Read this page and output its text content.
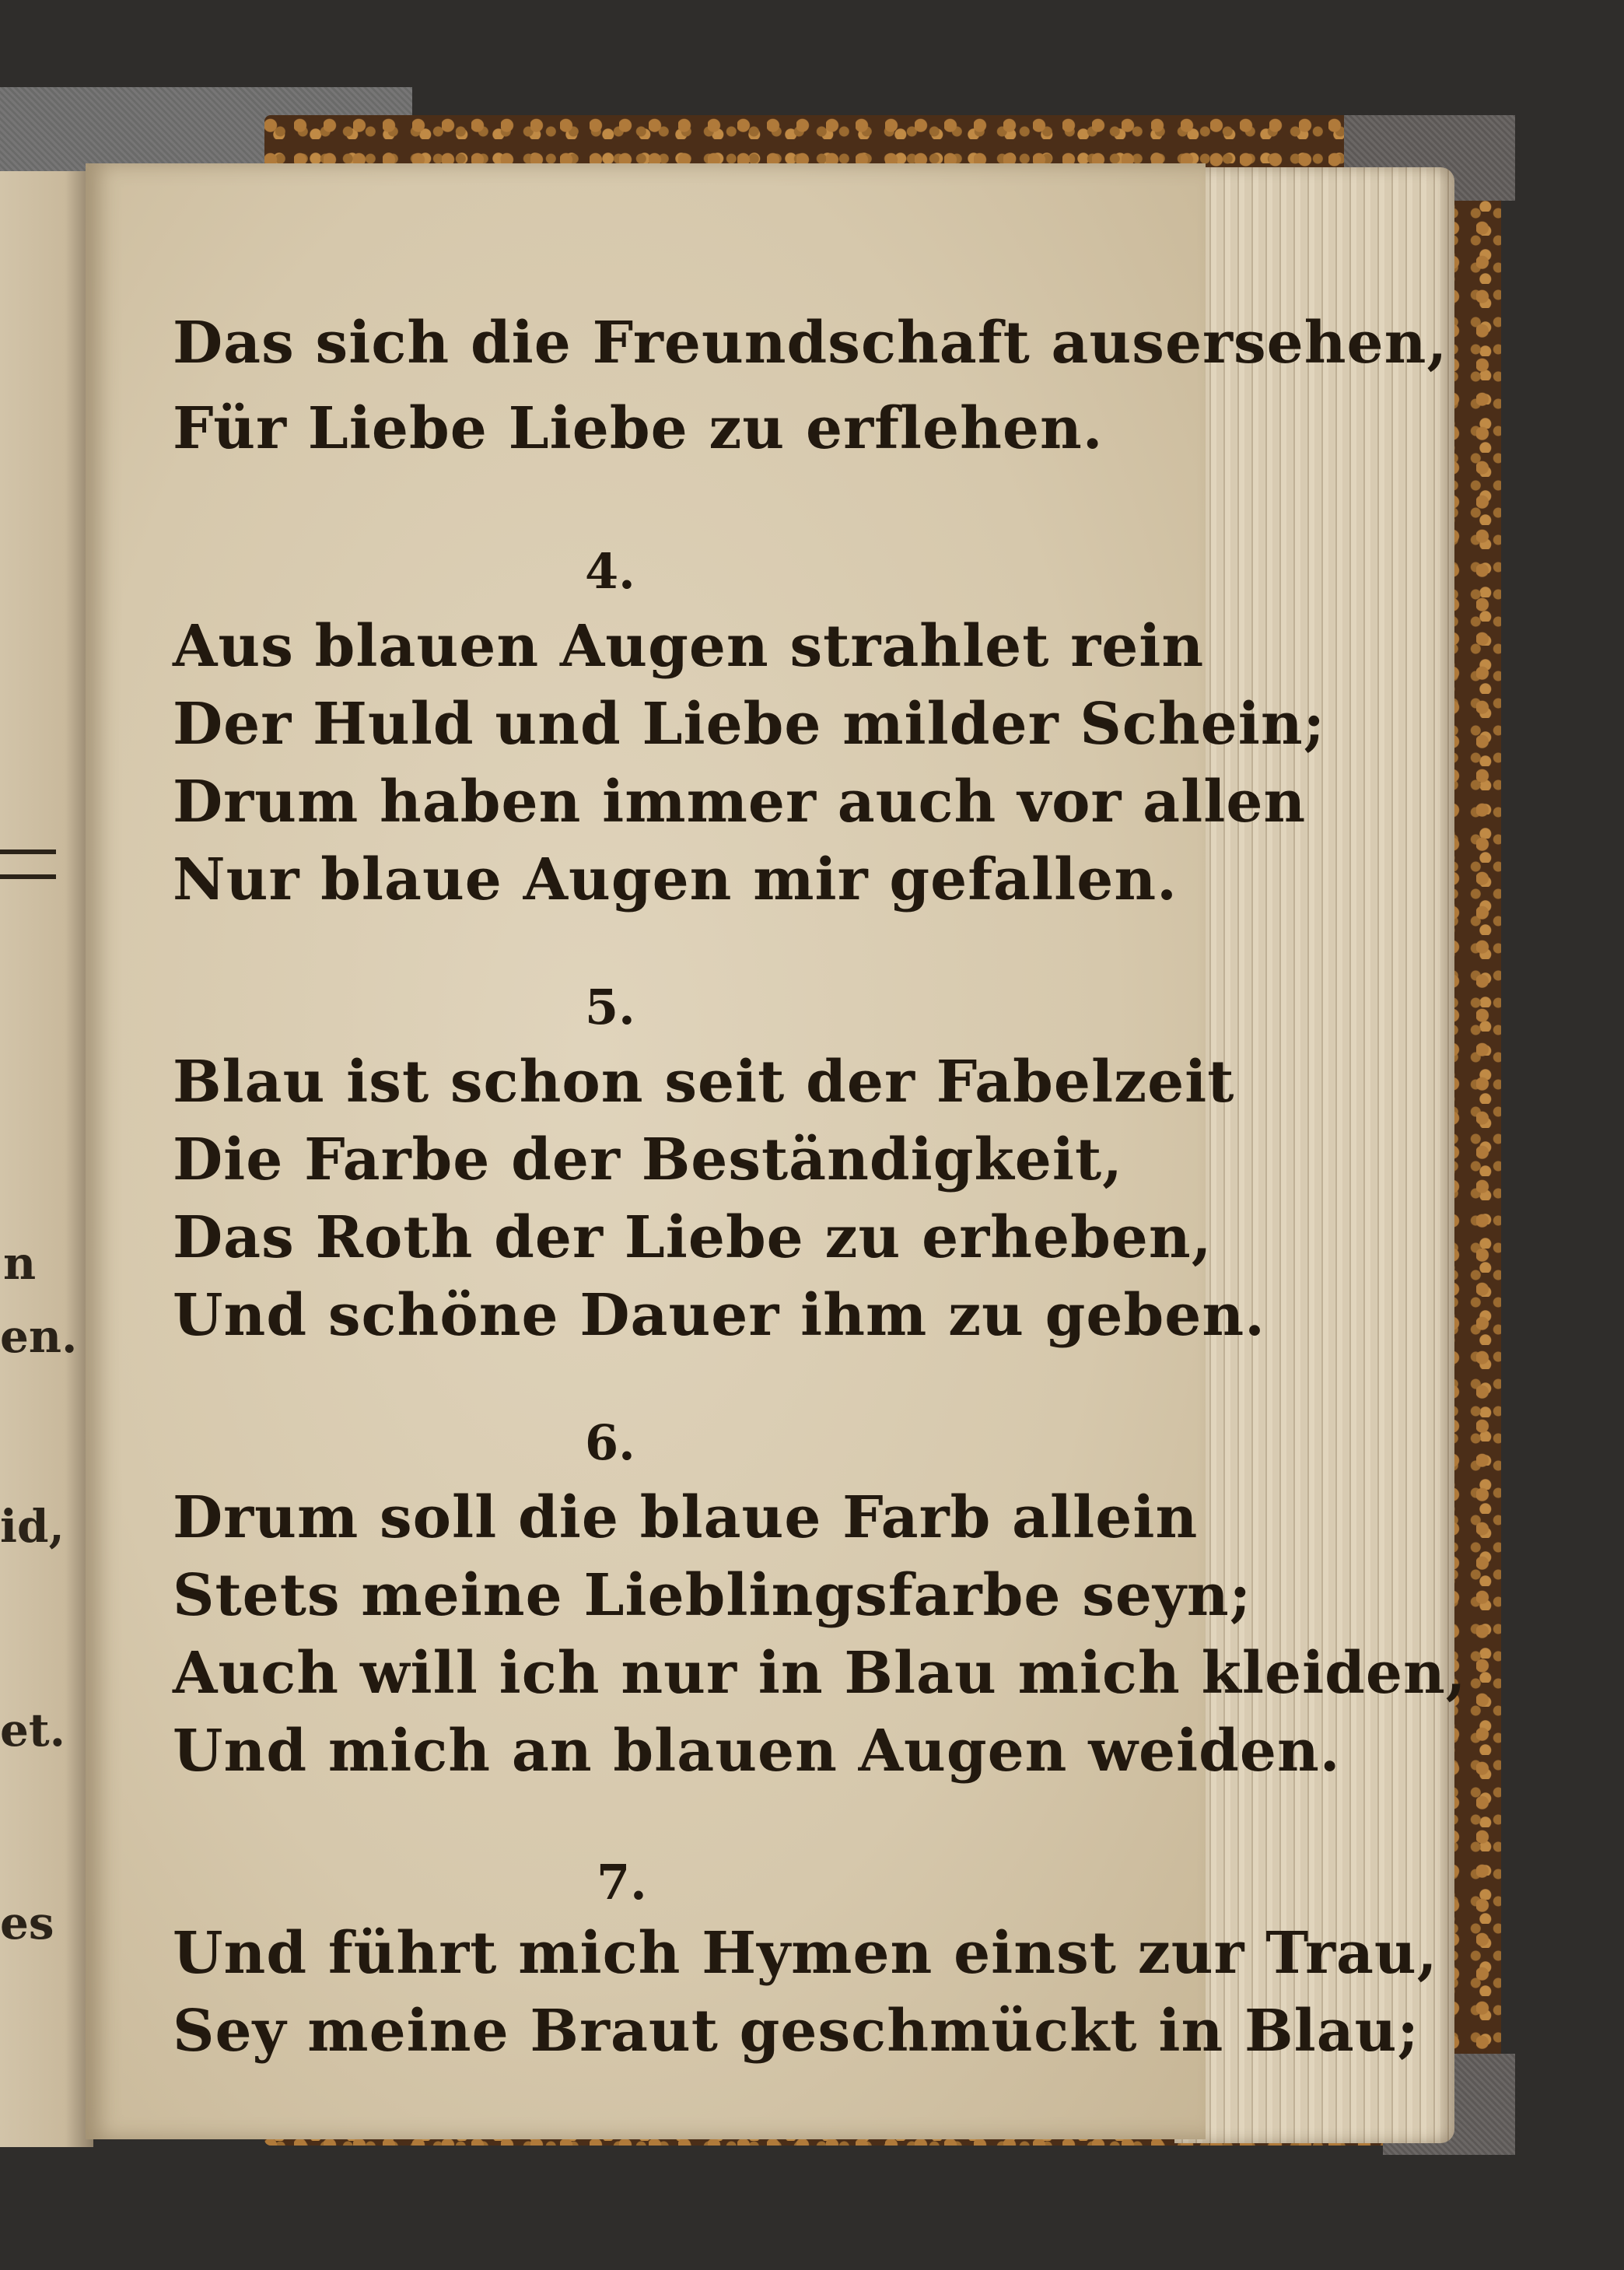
n
en.
id,
et.
es
Das sich die Freundschaft ausersehen,
Für Liebe Liebe zu erflehen.
4.
Aus blauen Augen strahlet rein
Der Huld und Liebe milder Schein;
Drum haben immer auch vor allen
Nur blaue Augen mir gefallen.
5.
Blau ist schon seit der Fabelzeit
Die Farbe der Beständigkeit,
Das Roth der Liebe zu erheben,
Und schöne Dauer ihm zu geben.
6.
Drum soll die blaue Farb allein
Stets meine Lieblingsfarbe seyn;
Auch will ich nur in Blau mich kleiden,
Und mich an blauen Augen weiden.
7.
Und führt mich Hymen einst zur Trau,
Sey meine Braut geschmückt in Blau;
